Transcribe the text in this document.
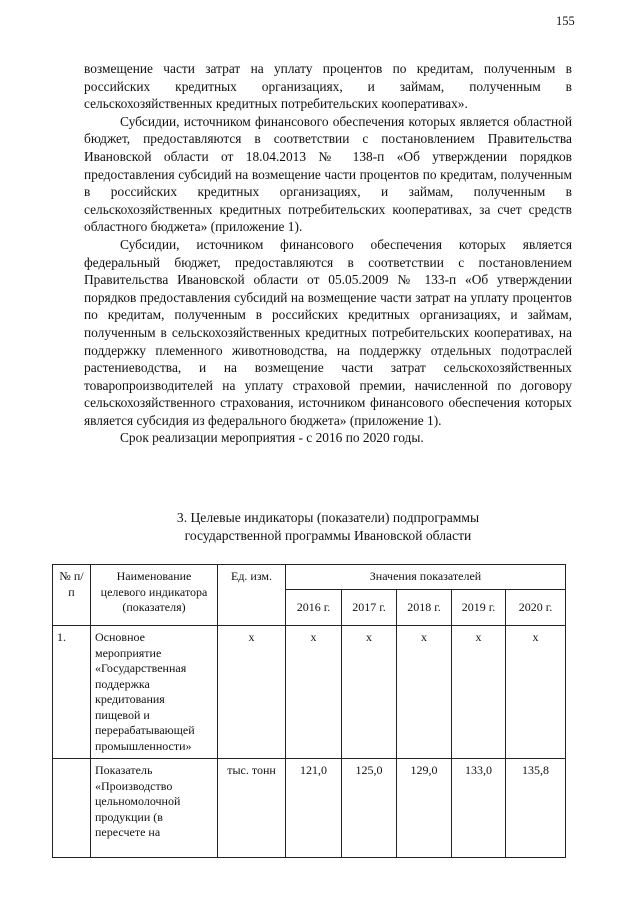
155

возмещение части затрат на уплату процентов по кредитам, полученным в российских кредитных организациях, и займам, полученным в сельскохозяйственных кредитных потребительских кооперативах».

Субсидии, источником финансового обеспечения которых является областной бюджет, предоставляются в соответствии с постановлением Правительства Ивановской области от 18.04.2013 № 138-п «Об утверждении порядков предоставления субсидий на возмещение части процентов по кредитам, полученным в российских кредитных организациях, и займам, полученным в сельскохозяйственных кредитных потребительских кооперативах, за счет средств областного бюджета» (приложение 1).

Субсидии, источником финансового обеспечения которых является федеральный бюджет, предоставляются в соответствии с постановлением Правительства Ивановской области от 05.05.2009 № 133-п «Об утверждении порядков предоставления субсидий на возмещение части затрат на уплату процентов по кредитам, полученным в российских кредитных организациях, и займам, полученным в сельскохозяйственных кредитных потребительских кооперативах, на поддержку племенного животноводства, на поддержку отдельных подотраслей растениеводства, и на возмещение части затрат сельскохозяйственных товаропроизводителей на уплату страховой премии, начисленной по договору сельскохозяйственного страхования, источником финансового обеспечения которых является субсидия из федерального бюджета» (приложение 1).

Срок реализации мероприятия - с 2016 по 2020 годы.

3. Целевые индикаторы (показатели) подпрограммы
государственной программы Ивановской области
№ п/п	Наименование целевого индикатора (показателя)	Ед. изм.	Значения показателей				
			2016 г.	2017 г.	2018 г.	2019 г.	2020 г.
1.	Основное мероприятие «Государственная поддержка кредитования пищевой и перерабатывающей промышленности»	х	х	х	х	х	х
	Показатель «Производство цельномолочной продукции (в пересчете на	тыс. тонн	121,0	125,0	129,0	133,0	135,8
